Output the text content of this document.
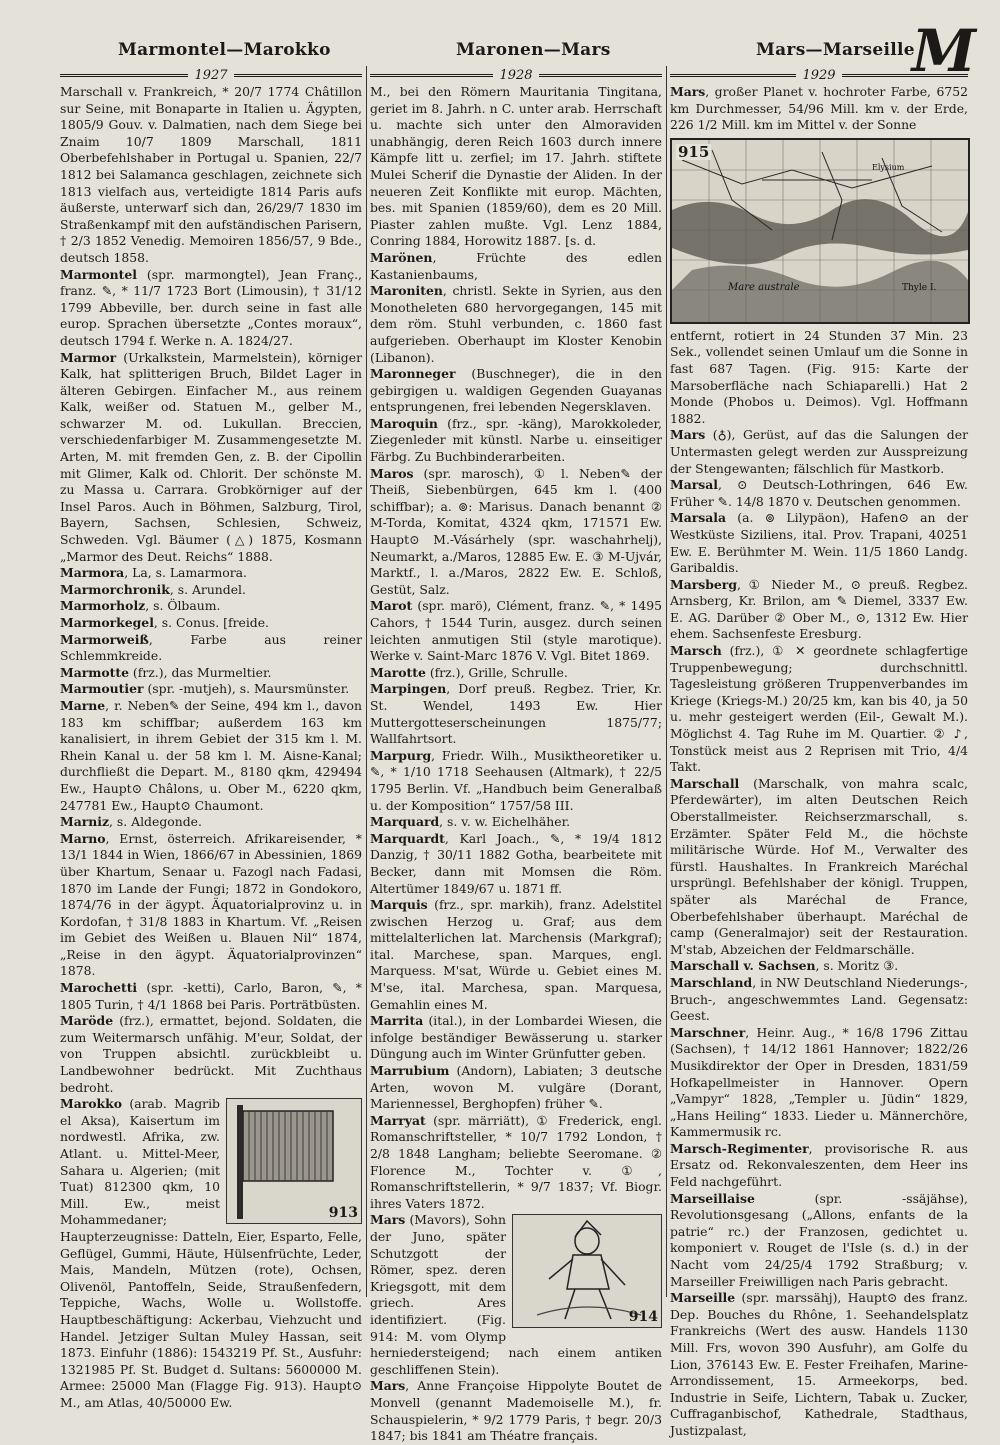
Marmontel—Marokko	Maronen—Mars	Mars—Marseille
M
1927	1928	1929

Marschall v. Frankreich, * 20/7 1774 Châtillon sur Seine, mit Bonaparte in Italien u. Ägypten, 1805/9 Gouv. v. Dalmatien, nach dem Siege bei Znaim 10/7 1809 Marschall, 1811 Oberbefehlshaber in Portugal u. Spanien, 22/7 1812 bei Salamanca geschlagen, zeichnete sich 1813 vielfach aus, verteidigte 1814 Paris aufs äußerste, unterwarf sich dan, 26/29/7 1830 im Straßenkampf mit den aufständischen Parisern, † 2/3 1852 Venedig. Memoiren 1856/57, 9 Bde., deutsch 1858.

Marmontel (spr. marmongtel), Jean Franç., franz. ✎, * 11/7 1723 Bort (Limousin), † 31/12 1799 Abbeville, ber. durch seine in fast alle europ. Sprachen übersetzte „Contes moraux“, deutsch 1794 f. Werke n. A. 1824/27.

Marmor (Urkalkstein, Marmelstein), körniger Kalk, hat splitterigen Bruch, Bildet Lager in älteren Gebirgen. Einfacher M., aus reinem Kalk, weißer od. Statuen M., gelber M., schwarzer M. od. Lukullan. Breccien, verschiedenfarbiger M. Zusammengesetzte M. Arten, M. mit fremden Gen, z. B. der Cipollin mit Glimer, Kalk od. Chlorit. Der schönste M. zu Massa u. Carrara. Grobkörniger auf der Insel Paros. Auch in Böhmen, Salzburg, Tirol, Bayern, Sachsen, Schlesien, Schweiz, Schweden. Vgl. Bäumer (△) 1875, Kosmann „Marmor des Deut. Reichs“ 1888.

Marmora, La, s. Lamarmora.

Marmorchronik, s. Arundel.

Marmorholz, s. Ölbaum.

Marmorkegel, s. Conus. [freide.

Marmorweiß, Farbe aus reiner Schlemmkreide.

Marmotte (frz.), das Murmeltier.

Marmoutier (spr. -mutjeh), s. Maursmünster.

Marne, r. Neben✎ der Seine, 494 km l., davon 183 km schiffbar; außerdem 163 km kanalisiert, in ihrem Gebiet der 315 km l. M. Rhein Kanal u. der 58 km l. M. Aisne-Kanal; durchfließt die Depart. M., 8180 qkm, 429494 Ew., Haupt⊙ Châlons, u. Ober M., 6220 qkm, 247781 Ew., Haupt⊙ Chaumont.

Marniz, s. Aldegonde.

Marno, Ernst, österreich. Afrikareisender, * 13/1 1844 in Wien, 1866/67 in Abessinien, 1869 über Khartum, Senaar u. Fazogl nach Fadasi, 1870 im Lande der Fungi; 1872 in Gondokoro, 1874/76 in der ägypt. Äquatorialprovinz u. in Kordofan, † 31/8 1883 in Khartum. Vf. „Reisen im Gebiet des Weißen u. Blauen Nil“ 1874, „Reise in den ägypt. Äquatorialprovinzen“ 1878.

Marochetti (spr. -ketti), Carlo, Baron, ✎, * 1805 Turin, † 4/1 1868 bei Paris. Porträtbüsten.

Maröde (frz.), ermattet, bejond. Soldaten, die zum Weitermarsch unfähig. M'eur, Soldat, der von Truppen absichtl. zurückbleibt u. Landbewohner bedrückt. Mit Zuchthaus bedroht.

913

Marokko (arab. Magrib el Aksa), Kaisertum im nordwestl. Afrika, zw. Atlant. u. Mittel-Meer, Sahara u. Algerien; (mit Tuat) 812300 qkm, 10 Mill. Ew., meist Mohammedaner; Haupterzeugnisse: Datteln, Eier, Esparto, Felle, Geflügel, Gummi, Häute, Hülsenfrüchte, Leder, Mais, Mandeln, Mützen (rote), Ochsen, Olivenöl, Pantoffeln, Seide, Straußenfedern, Teppiche, Wachs, Wolle u. Wollstoffe. Hauptbeschäftigung: Ackerbau, Viehzucht und Handel. Jetziger Sultan Muley Hassan, seit 1873. Einfuhr (1886): 1543219 Pf. St., Ausfuhr: 1321985 Pf. St. Budget d. Sultans: 5600000 M. Armee: 25000 Man (Flagge Fig. 913). Haupt⊙ M., am Atlas, 40/50000 Ew.

M., bei den Römern Mauritania Tingitana, geriet im 8. Jahrh. n C. unter arab. Herrschaft u. machte sich unter den Almoraviden unabhängig, deren Reich 1603 durch innere Kämpfe litt u. zerfiel; im 17. Jahrh. stiftete Mulei Scherif die Dynastie der Aliden. In der neueren Zeit Konflikte mit europ. Mächten, bes. mit Spanien (1859/60), dem es 20 Mill. Piaster zahlen mußte. Vgl. Lenz 1884, Conring 1884, Horowitz 1887. [s. d.

Marönen, Früchte des edlen Kastanienbaums,

Maroniten, christl. Sekte in Syrien, aus den Monotheleten 680 hervorgegangen, 145 mit dem röm. Stuhl verbunden, c. 1860 fast aufgerieben. Oberhaupt im Kloster Kenobin (Libanon).

Maronneger (Buschneger), die in den gebirgigen u. waldigen Gegenden Guayanas entsprungenen, frei lebenden Negersklaven.

Maroquin (frz., spr. -käng), Marokkoleder, Ziegenleder mit künstl. Narbe u. einseitiger Färbg. Zu Buchbinderarbeiten.

Maros (spr. marosch), ① l. Neben✎ der Theiß, Siebenbürgen, 645 km l. (400 schiffbar); a. ⊚: Marisus. Danach benannt ② M-Torda, Komitat, 4324 qkm, 171571 Ew. Haupt⊙ M.-Vásárhely (spr. waschahrhelj), Neumarkt, a./Maros, 12885 Ew. E. ③ M-Ujvár, Marktf., l. a./Maros, 2822 Ew. E. Schloß, Gestüt, Salz.

Marot (spr. marö), Clément, franz. ✎, * 1495 Cahors, † 1544 Turin, ausgez. durch seinen leichten anmutigen Stil (style marotique). Werke v. Saint-Marc 1876 V. Vgl. Bitet 1869.

Marotte (frz.), Grille, Schrulle.

Marpingen, Dorf preuß. Regbez. Trier, Kr. St. Wendel, 1493 Ew. Hier Muttergotteserscheinungen 1875/77; Wallfahrtsort.

Marpurg, Friedr. Wilh., Musiktheoretiker u. ✎, * 1/10 1718 Seehausen (Altmark), † 22/5 1795 Berlin. Vf. „Handbuch beim Generalbaß u. der Komposition“ 1757/58 III.

Marquard, s. v. w. Eichelhäher.

Marquardt, Karl Joach., ✎, * 19/4 1812 Danzig, † 30/11 1882 Gotha, bearbeitete mit Becker, dann mit Momsen die Röm. Altertümer 1849/67 u. 1871 ff.

Marquis (frz., spr. markih), franz. Adelstitel zwischen Herzog u. Graf; aus dem mittelalterlichen lat. Marchensis (Markgraf); ital. Marchese, span. Marques, engl. Marquess. M'sat, Würde u. Gebiet eines M. M'se, ital. Marchesa, span. Marquesa, Gemahlin eines M.

Marrita (ital.), in der Lombardei Wiesen, die infolge beständiger Bewässerung u. starker Düngung auch im Winter Grünfutter geben.

Marrubium (Andorn), Labiaten; 3 deutsche Arten, wovon M. vulgäre (Dorant, Mariennessel, Berghopfen) früher ✎.

Marryat (spr. märriätt), ① Frederick, engl. Romanschriftsteller, * 10/7 1792 London, † 2/8 1848 Langham; beliebte Seeromane. ② Florence M., Tochter v. ①, Romanschriftstellerin, * 9/7 1837; Vf. Biogr. ihres Vaters 1872.

914

Mars (Mavors), Sohn der Juno, später Schutzgott der Römer, spez. deren Kriegsgott, mit dem griech. Ares identifiziert. (Fig. 914: M. vom Olymp herniedersteigend; nach einem antiken geschliffenen Stein).

Mars, Anne Françoise Hippolyte Boutet de Monvell (genannt Mademoiselle M.), fr. Schauspielerin, * 9/2 1779 Paris, † begr. 20/3 1847; bis 1841 am Théatre français.

Mars, großer Planet v. hochroter Farbe, 6752 km Durchmesser, 54/96 Mill. km v. der Erde, 226 1/2 Mill. km im Mittel v. der Sonne

Elysium
Mare australe	Thyle I.
915

entfernt, rotiert in 24 Stunden 37 Min. 23 Sek., vollendet seinen Umlauf um die Sonne in fast 687 Tagen. (Fig. 915: Karte der Marsoberfläche nach Schiaparelli.) Hat 2 Monde (Phobos u. Deimos). Vgl. Hoffmann 1882.

Mars (♁), Gerüst, auf das die Salungen der Untermasten gelegt werden zur Ausspreizung der Stengewanten; fälschlich für Mastkorb.

Marsal, ⊙ Deutsch-Lothringen, 646 Ew. Früher ✎. 14/8 1870 v. Deutschen genommen.

Marsala (a. ⊚ Lilypäon), Hafen⊙ an der Westküste Siziliens, ital. Prov. Trapani, 40251 Ew. E. Berühmter M. Wein. 11/5 1860 Landg. Garibaldis.

Marsberg, ① Nieder M., ⊙ preuß. Regbez. Arnsberg, Kr. Brilon, am ✎ Diemel, 3337 Ew. E. AG. Darüber ② Ober M., ⊙, 1312 Ew. Hier ehem. Sachsenfeste Eresburg.

Marsch (frz.), ① ✕ geordnete schlagfertige Truppenbewegung; durchschnittl. Tagesleistung größeren Truppenverbandes im Kriege (Kriegs-M.) 20/25 km, kan bis 40, ja 50 u. mehr gesteigert werden (Eil-, Gewalt M.). Möglichst 4. Tag Ruhe im M. Quartier. ② ♪, Tonstück meist aus 2 Reprisen mit Trio, 4/4 Takt.

Marschall (Marschalk, von mahra scalc, Pferdewärter), im alten Deutschen Reich Oberstallmeister. Reichserzmarschall, s. Erzämter. Später Feld M., die höchste militärische Würde. Hof M., Verwalter des fürstl. Haushaltes. In Frankreich Maréchal ursprüngl. Befehlshaber der königl. Truppen, später als Maréchal de France, Oberbefehlshaber überhaupt. Maréchal de camp (Generalmajor) seit der Restauration. M'stab, Abzeichen der Feldmarschälle.

Marschall v. Sachsen, s. Moritz ③.

Marschland, in NW Deutschland Niederungs-, Bruch-, angeschwemmtes Land. Gegensatz: Geest.

Marschner, Heinr. Aug., * 16/8 1796 Zittau (Sachsen), † 14/12 1861 Hannover; 1822/26 Musikdirektor der Oper in Dresden, 1831/59 Hofkapellmeister in Hannover. Opern „Vampyr“ 1828, „Templer u. Jüdin“ 1829, „Hans Heiling“ 1833. Lieder u. Männerchöre, Kammermusik rc.

Marsch-Regimenter, provisorische R. aus Ersatz od. Rekonvaleszenten, dem Heer ins Feld nachgeführt.

Marseillaise (spr. -ssäjähse), Revolutionsgesang („Allons, enfants de la patrie“ rc.) der Franzosen, gedichtet u. komponiert v. Rouget de l'Isle (s. d.) in der Nacht vom 24/25/4 1792 Straßburg; v. Marseiller Freiwilligen nach Paris gebracht.

Marseille (spr. marssähj), Haupt⊙ des franz. Dep. Bouches du Rhône, 1. Seehandelsplatz Frankreichs (Wert des ausw. Handels 1130 Mill. Frs, wovon 390 Ausfuhr), am Golfe du Lion, 376143 Ew. E. Fester Freihafen, Marine-Arrondissement, 15. Armeekorps, bed. Industrie in Seife, Lichtern, Tabak u. Zucker, Cuffraganbischof, Kathedrale, Stadthaus, Justizpalast,
